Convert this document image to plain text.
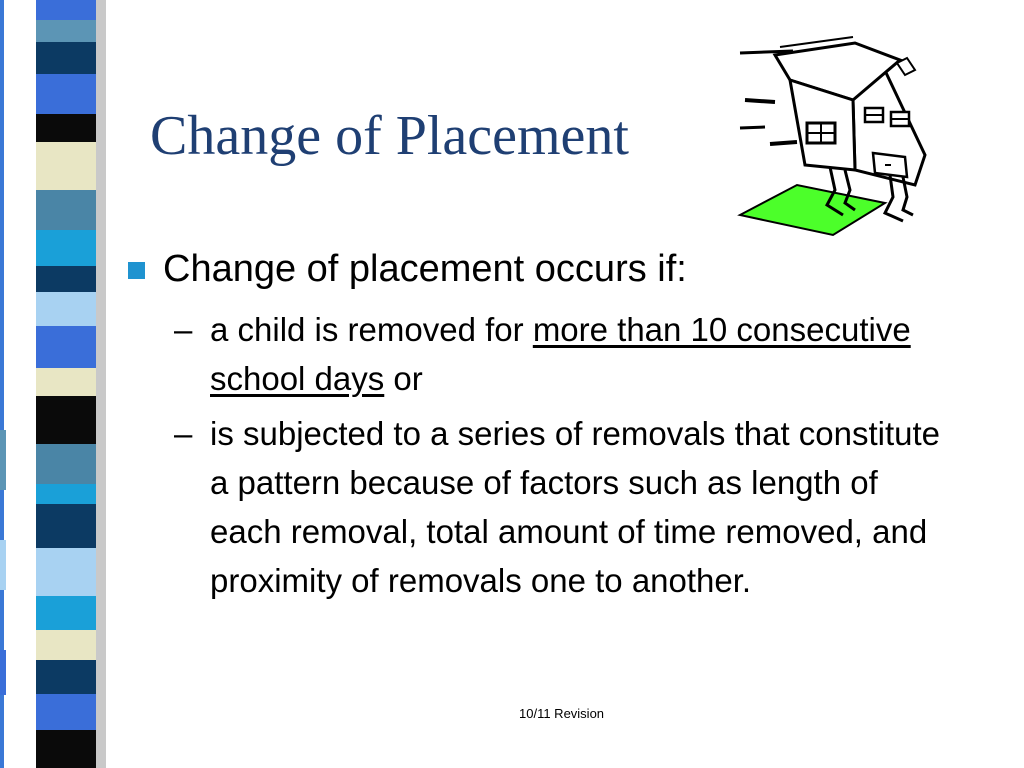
Change of Placement
Change of placement occurs if:
– a child is removed for more than 10 consecutive school days or
– is subjected to a series of removals that constitute a pattern because of factors such as length of each removal, total amount of time removed, and proximity of removals one to another.
10/11 Revision
